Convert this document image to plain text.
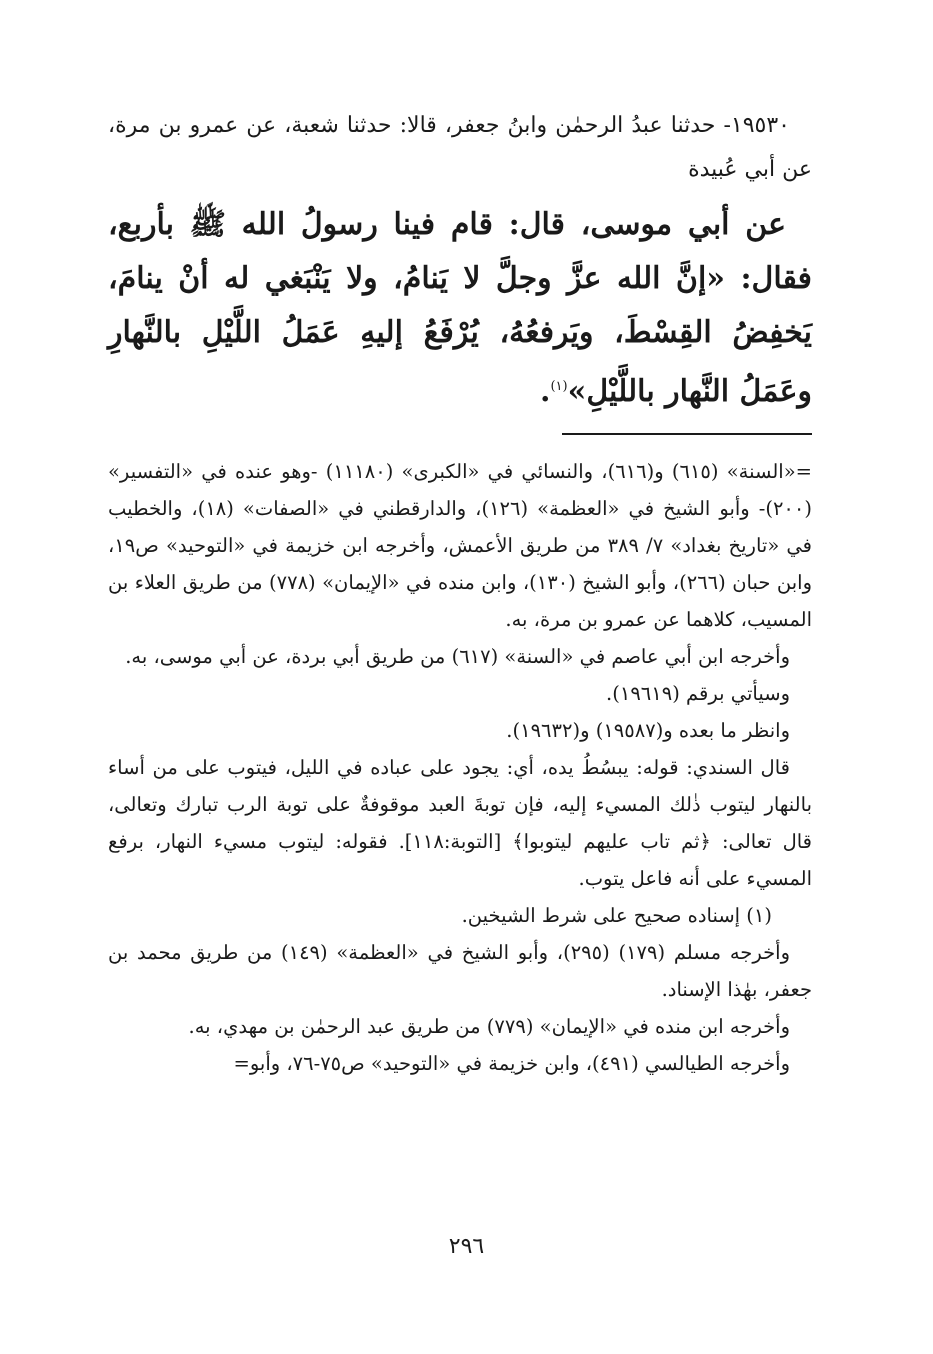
١٩٥٣٠- حدثنا عبدُ الرحمٰن وابنُ جعفر، قالا: حدثنا شعبة، عن عمرو بن مرة، عن أبي عُبيدة

عن أبي موسى، قال: قام فينا رسولُ الله ﷺ بأربع، فقال: «إنَّ الله عزَّ وجلَّ لا يَنامُ، ولا يَنْبَغي له أنْ ينامَ، يَخفِضُ القِسْطَ، ويَرفعُهُ، يُرْفَعُ إليهِ عَمَلُ اللَّيْلِ بالنَّهارِ وعَمَلُ النَّهار باللَّيْلِ»$^{(١)}$.

=«السنة» (٦١٥) و(٦١٦)، والنسائي في «الكبرى» (١١١٨٠) -وهو عنده في «التفسير» (٢٠٠)- وأبو الشيخ في «العظمة» (١٢٦)، والدارقطني في «الصفات» (١٨)، والخطيب في «تاريخ بغداد» ٧/ ٣٨٩ من طريق الأعمش، وأخرجه ابن خزيمة في «التوحيد» ص١٩، وابن حبان (٢٦٦)، وأبو الشيخ (١٣٠)، وابن منده في «الإيمان» (٧٧٨) من طريق العلاء بن المسيب، كلاهما عن عمرو بن مرة، به.

وأخرجه ابن أبي عاصم في «السنة» (٦١٧) من طريق أبي بردة، عن أبي موسى، به.

وسيأتي برقم (١٩٦١٩).

وانظر ما بعده و(١٩٥٨٧) و(١٩٦٣٢).

قال السندي: قوله: يبسُطُ يده، أي: يجود على عباده في الليل، فيتوب على من أساء بالنهار ليتوب ذٰلك المسيء إليه، فإن توبةَ العبد موقوفةٌ على توبة الرب تبارك وتعالى، قال تعالى: ﴿ثم تاب عليهم ليتوبوا﴾ [التوبة:١١٨]. فقوله: ليتوب مسيء النهار، برفع المسيء على أنه فاعل يتوب.

(١) إسناده صحيح على شرط الشيخين.

وأخرجه مسلم (١٧٩) (٢٩٥)، وأبو الشيخ في «العظمة» (١٤٩) من طريق محمد بن جعفر، بهٰذا الإسناد.

وأخرجه ابن منده في «الإيمان» (٧٧٩) من طريق عبد الرحمٰن بن مهدي، به.

وأخرجه الطيالسي (٤٩١)، وابن خزيمة في «التوحيد» ص٧٥-٧٦، وأبو=

٢٩٦
